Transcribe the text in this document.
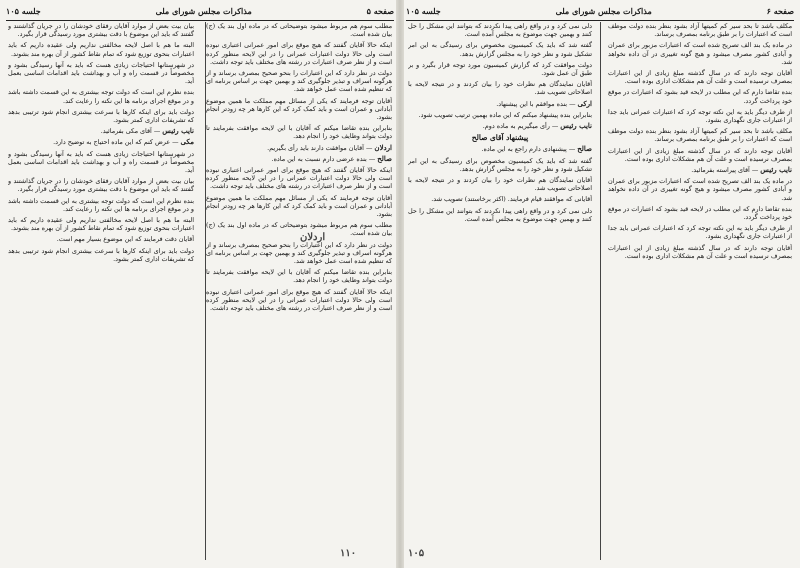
صفحه ۵
مذاکرات مجلس شورای ملی
جلسه ۱۰۵

مطلب سوم هم مربوط میشود بتوضیحاتی که در ماده اول بند یک (ج) بیان شده است.

اینکه حالا آقایان گفتند که هیچ موقع برای امور عمرانی اعتباری نبوده است ولی حالا دولت اعتبارات عمرانی را در این لایحه منظور کرده است و از نظر صرف اعتبارات در رشته های مختلف باید توجه داشت.

دولت در نظر دارد که این اعتبارات را بنحو صحیح بمصرف برساند و از هرگونه اسراف و تبذیر جلوگیری کند و بهمین جهت بر اساس برنامه ای که تنظیم شده است عمل خواهد شد.

آقایان توجه فرمایند که یکی از مسائل مهم مملکت ما همین موضوع آبادانی و عمران است و باید کمک کرد که این کارها هر چه زودتر انجام بشود.

بنابراین بنده تقاضا میکنم که آقایان با این لایحه موافقت بفرمایند تا دولت بتواند وظایف خود را انجام دهد.

اردلان — آقایان موافقت دارند باید رأی بگیریم.

صالح — بنده عرضی دارم نسبت به این ماده.

اینکه حالا آقایان گفتند که هیچ موقع برای امور عمرانی اعتباری نبوده است ولی حالا دولت اعتبارات عمرانی را در این لایحه منظور کرده است و از نظر صرف اعتبارات در رشته های مختلف باید توجه داشت.

آقایان توجه فرمایند که یکی از مسائل مهم مملکت ما همین موضوع آبادانی و عمران است و باید کمک کرد که این کارها هر چه زودتر انجام بشود.

مطلب سوم هم مربوط میشود بتوضیحاتی که در ماده اول بند یک (ج) بیان شده است.

دولت در نظر دارد که این اعتبارات را بنحو صحیح بمصرف برساند و از هرگونه اسراف و تبذیر جلوگیری کند و بهمین جهت بر اساس برنامه ای که تنظیم شده است عمل خواهد شد.

بنابراین بنده تقاضا میکنم که آقایان با این لایحه موافقت بفرمایند تا دولت بتواند وظایف خود را انجام دهد.

اینکه حالا آقایان گفتند که هیچ موقع برای امور عمرانی اعتباری نبوده است ولی حالا دولت اعتبارات عمرانی را در این لایحه منظور کرده است و از نظر صرف اعتبارات در رشته های مختلف باید توجه داشت.

بیان بیت بعض از موارد آقایان رفقای خودشان را در جریان گذاشتند و گفتند که باید این موضوع با دقت بیشتری مورد رسیدگی قرار بگیرد.

البته ما هم با اصل لایحه مخالفتی نداریم ولی عقیده داریم که باید اعتبارات بنحوی توزیع شود که تمام نقاط کشور از آن بهره مند بشوند.

در شهرستانها احتیاجات زیادی هست که باید به آنها رسیدگی بشود و مخصوصاً در قسمت راه و آب و بهداشت باید اقدامات اساسی بعمل آید.

بنده نظرم این است که دولت توجه بیشتری به این قسمت داشته باشد و در موقع اجرای برنامه ها این نکته را رعایت کند.

دولت باید برای اینکه کارها با سرعت بیشتری انجام شود ترتیبی بدهد که تشریفات اداری کمتر بشود.

نایب رئیس — آقای مکی بفرمائید.

مکی — عرض کنم که این ماده احتیاج به توضیح دارد.

در شهرستانها احتیاجات زیادی هست که باید به آنها رسیدگی بشود و مخصوصاً در قسمت راه و آب و بهداشت باید اقدامات اساسی بعمل آید.

بیان بیت بعض از موارد آقایان رفقای خودشان را در جریان گذاشتند و گفتند که باید این موضوع با دقت بیشتری مورد رسیدگی قرار بگیرد.

بنده نظرم این است که دولت توجه بیشتری به این قسمت داشته باشد و در موقع اجرای برنامه ها این نکته را رعایت کند.

البته ما هم با اصل لایحه مخالفتی نداریم ولی عقیده داریم که باید اعتبارات بنحوی توزیع شود که تمام نقاط کشور از آن بهره مند بشوند.

آقایان دقت فرمایند که این موضوع بسیار مهم است.

دولت باید برای اینکه کارها با سرعت بیشتری انجام شود ترتیبی بدهد که تشریفات اداری کمتر بشود.

اردلان
۱۱۰
صفحه ۶
مذاکرات مجلس شورای ملی
جلسه ۱۰۵

مکلف باشد تا بحد سیر کم کمیتها آزاد بشود بنظر بنده دولت موظف است که اعتبارات را بر طبق برنامه بمصرف برساند.

در ماده یک بند الف تصریح شده است که اعتبارات مزبور برای عمران و آبادی کشور مصرف میشود و هیچ گونه تغییری در آن داده نخواهد شد.

آقایان توجه دارند که در سال گذشته مبلغ زیادی از این اعتبارات بمصرف نرسیده است و علت آن هم مشکلات اداری بوده است.

بنده تقاضا دارم که این مطلب در لایحه قید بشود که اعتبارات در موقع خود پرداخت گردد.

از طرف دیگر باید به این نکته توجه کرد که اعتبارات عمرانی باید جدا از اعتبارات جاری نگهداری بشود.

مکلف باشد تا بحد سیر کم کمیتها آزاد بشود بنظر بنده دولت موظف است که اعتبارات را بر طبق برنامه بمصرف برساند.

آقایان توجه دارند که در سال گذشته مبلغ زیادی از این اعتبارات بمصرف نرسیده است و علت آن هم مشکلات اداری بوده است.

نایب رئیس — آقای پیراسته بفرمائید.

در ماده یک بند الف تصریح شده است که اعتبارات مزبور برای عمران و آبادی کشور مصرف میشود و هیچ گونه تغییری در آن داده نخواهد شد.

بنده تقاضا دارم که این مطلب در لایحه قید بشود که اعتبارات در موقع خود پرداخت گردد.

از طرف دیگر باید به این نکته توجه کرد که اعتبارات عمرانی باید جدا از اعتبارات جاری نگهداری بشود.

آقایان توجه دارند که در سال گذشته مبلغ زیادی از این اعتبارات بمصرف نرسیده است و علت آن هم مشکلات اداری بوده است.

دلی نمی کرد و در واقع راهی پیدا نکردند که بتوانند این مشکل را حل کنند و بهمین جهت موضوع به مجلس آمده است.

گفته شد که باید یک کمیسیون مخصوص برای رسیدگی به این امر تشکیل شود و نظر خود را به مجلس گزارش بدهد.

دولت موافقت کرد که گزارش کمیسیون مورد توجه قرار بگیرد و بر طبق آن عمل شود.

آقایان نمایندگان هم نظرات خود را بیان کردند و در نتیجه لایحه با اصلاحاتی تصویب شد.

ارکی — بنده موافقم با این پیشنهاد.

بنابراین بنده پیشنهاد میکنم که این ماده بهمین ترتیب تصویب شود.

نایب رئیس — رأی میگیریم به ماده دوم.

پیشنهاد آقای صالح

صالح — پیشنهادی دارم راجع به این ماده.

گفته شد که باید یک کمیسیون مخصوص برای رسیدگی به این امر تشکیل شود و نظر خود را به مجلس گزارش بدهد.

آقایان نمایندگان هم نظرات خود را بیان کردند و در نتیجه لایحه با اصلاحاتی تصویب شد.

آقایانی که موافقند قیام فرمایند. (اکثر برخاستند) تصویب شد.

دلی نمی کرد و در واقع راهی پیدا نکردند که بتوانند این مشکل را حل کنند و بهمین جهت موضوع به مجلس آمده است.

۱۰۵
